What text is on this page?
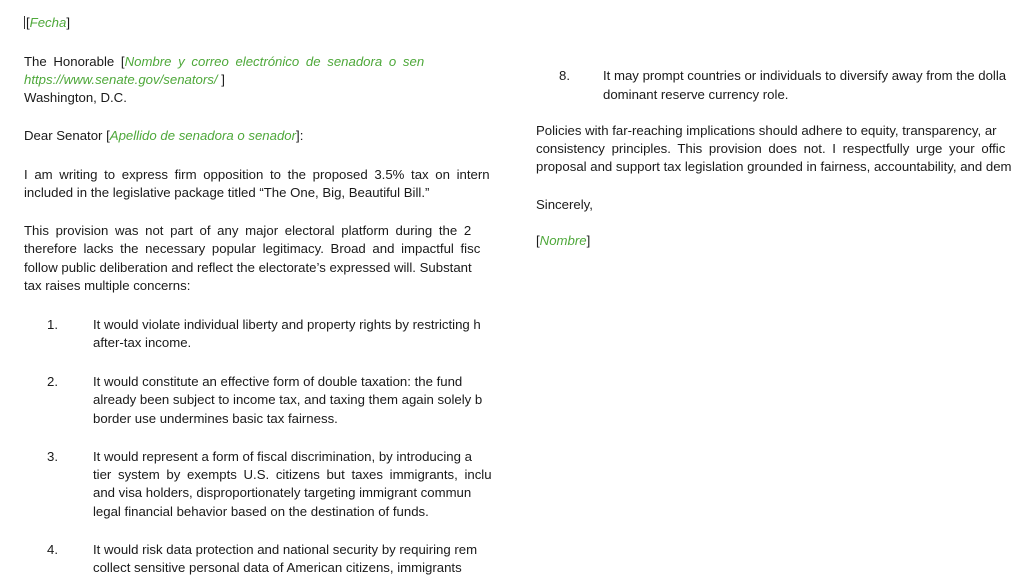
[Fecha]
The Honorable [Nombre y correo electrónico de senadora o sen
https://www.senate.gov/senators/ ]
Washington, D.C.
Dear Senator [Apellido de senadora o senador]:
I am writing to express firm opposition to the proposed 3.5% tax on intern
included in the legislative package titled “The One, Big, Beautiful Bill.”
This provision was not part of any major electoral platform during the 2
therefore lacks the necessary popular legitimacy. Broad and impactful fisc
follow public deliberation and reflect the electorate’s expressed will. Substant
tax raises multiple concerns:
1.	It would violate individual liberty and property rights by restricting h
after-tax income.
2.	It would constitute an effective form of double taxation: the fund
already been subject to income tax, and taxing them again solely b
border use undermines basic tax fairness.
3.	It would represent a form of fiscal discrimination, by introducing a
tier system by exempts U.S. citizens but taxes immigrants, inclu
and visa holders, disproportionately targeting immigrant commun
legal financial behavior based on the destination of funds.
4.	It would risk data protection and national security by requiring rem
collect sensitive personal data of American citizens, immigrants
8.	It may prompt countries or individuals to diversify away from the dolla
dominant reserve currency role.
Policies with far-reaching implications should adhere to equity, transparency, ar
consistency principles. This provision does not. I respectfully urge your offic
proposal and support tax legislation grounded in fairness, accountability, and dem
Sincerely,
[Nombre]
